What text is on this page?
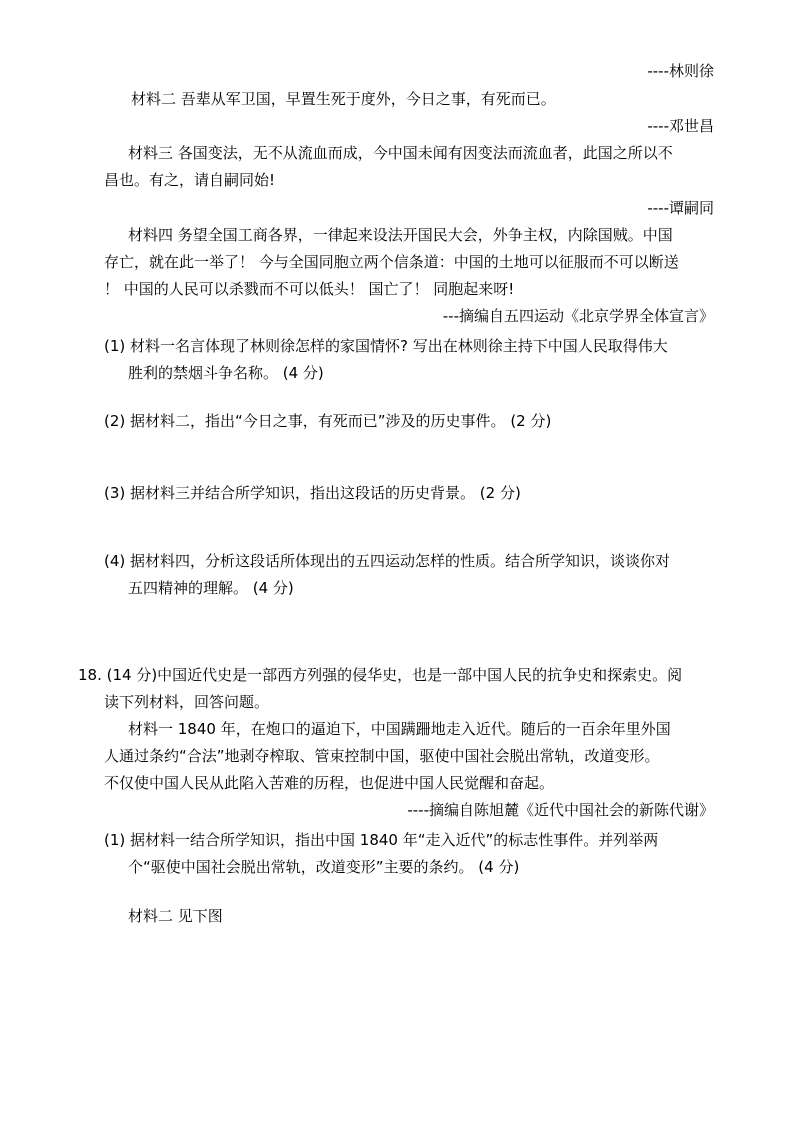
----林则徐
材料二 吾辈从军卫国，早置生死于度外，今日之事，有死而已。
----邓世昌
材料三 各国变法，无不从流血而成，今中国未闻有因变法而流血者，此国之所以不
昌也。有之，请自嗣同始!
----谭嗣同
材料四 务望全国工商各界，一律起来设法开国民大会，外争主权，内除国贼。中国
存亡，就在此一举了！ 今与全国同胞立两个信条道：中国的土地可以征服而不可以断送
！ 中国的人民可以杀戮而不可以低头！ 国亡了！ 同胞起来呀!
---摘编自五四运动《北京学界全体宣言》
(1) 材料一名言体现了林则徐怎样的家国情怀? 写出在林则徐主持下中国人民取得伟大
胜利的禁烟斗争名称。 (4 分)
(2) 据材料二，指出“今日之事，有死而已”涉及的历史事件。 (2 分)
(3) 据材料三并结合所学知识，指出这段话的历史背景。 (2 分)
(4) 据材料四，分析这段话所体现出的五四运动怎样的性质。结合所学知识，谈谈你对
五四精神的理解。 (4 分)
18. (14 分)中国近代史是一部西方列强的侵华史，也是一部中国人民的抗争史和探索史。阅
读下列材料，回答问题。
材料一 1840 年，在炮口的逼迫下，中国蹒跚地走入近代。随后的一百余年里外国
人通过条约“合法”地剥夺榨取、管束控制中国，驱使中国社会脱出常轨，改道变形。
不仅使中国人民从此陷入苦难的历程，也促进中国人民觉醒和奋起。
----摘编自陈旭麓《近代中国社会的新陈代谢》
(1) 据材料一结合所学知识，指出中国 1840 年“走入近代”的标志性事件。并列举两
个“驱使中国社会脱出常轨，改道变形”主要的条约。 (4 分)
材料二 见下图
